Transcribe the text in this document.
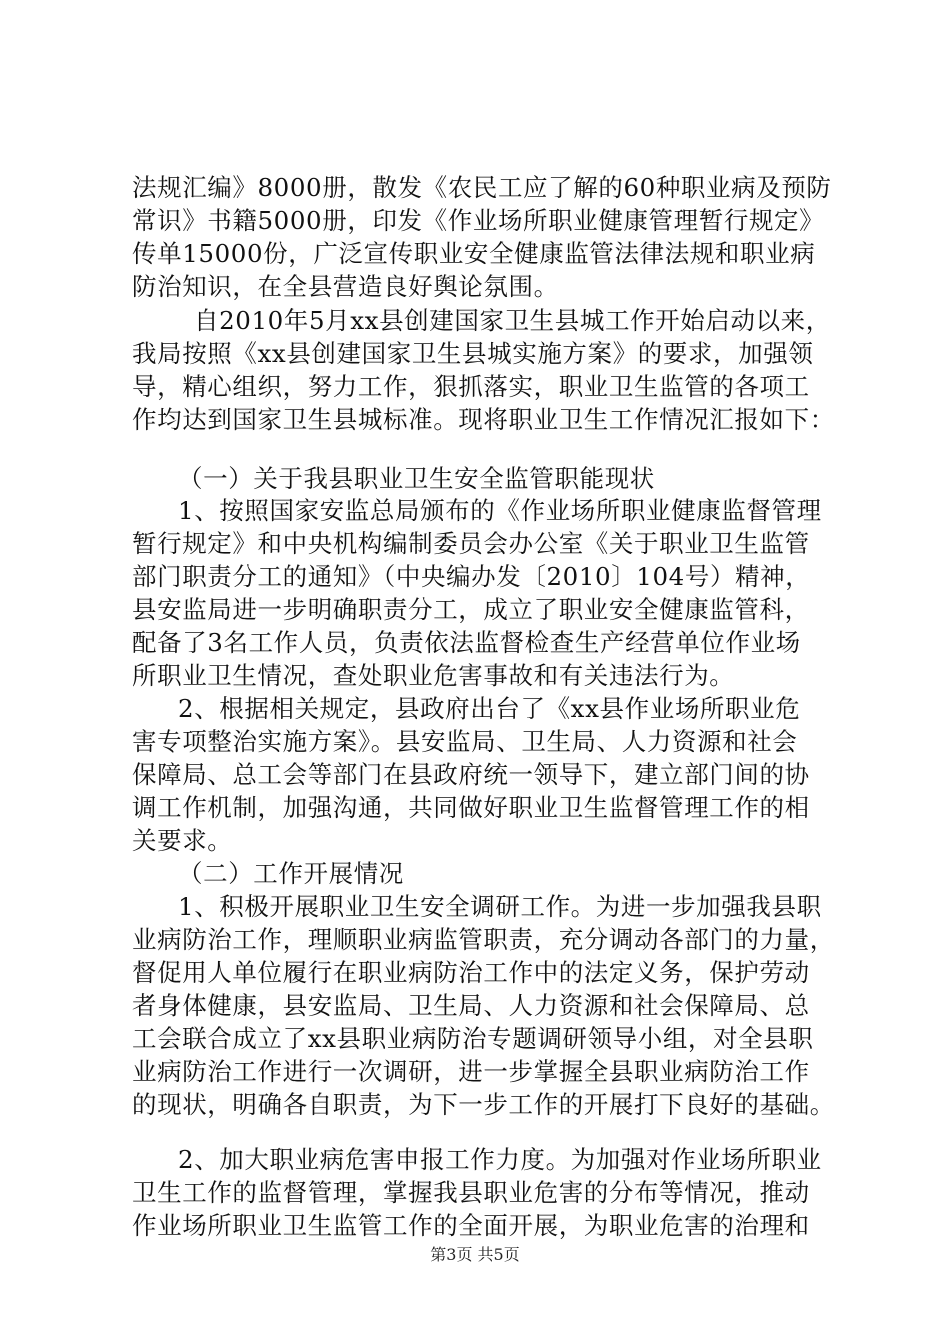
法规汇编》8000册，散发《农民工应了解的60种职业病及预防
常识》书籍5000册，印发《作业场所职业健康管理暂行规定》
传单15000份，广泛宣传职业安全健康监管法律法规和职业病
防治知识，在全县营造良好舆论氛围。
自2010年5月xx县创建国家卫生县城工作开始启动以来，
我局按照《xx县创建国家卫生县城实施方案》的要求，加强领
导，精心组织，努力工作，狠抓落实，职业卫生监管的各项工
作均达到国家卫生县城标准。现将职业卫生工作情况汇报如下：
（一）关于我县职业卫生安全监管职能现状
1、按照国家安监总局颁布的《作业场所职业健康监督管理
暂行规定》和中央机构编制委员会办公室《关于职业卫生监管
部门职责分工的通知》（中央编办发〔2010〕104号）精神，
县安监局进一步明确职责分工，成立了职业安全健康监管科，
配备了3名工作人员，负责依法监督检查生产经营单位作业场
所职业卫生情况，查处职业危害事故和有关违法行为。
2、根据相关规定，县政府出台了《xx县作业场所职业危
害专项整治实施方案》。县安监局、卫生局、人力资源和社会
保障局、总工会等部门在县政府统一领导下，建立部门间的协
调工作机制，加强沟通，共同做好职业卫生监督管理工作的相
关要求。
（二）工作开展情况
1、积极开展职业卫生安全调研工作。为进一步加强我县职
业病防治工作，理顺职业病监管职责，充分调动各部门的力量，
督促用人单位履行在职业病防治工作中的法定义务，保护劳动
者身体健康，县安监局、卫生局、人力资源和社会保障局、总
工会联合成立了xx县职业病防治专题调研领导小组，对全县职
业病防治工作进行一次调研，进一步掌握全县职业病防治工作
的现状，明确各自职责，为下一步工作的开展打下良好的基础。
2、加大职业病危害申报工作力度。为加强对作业场所职业
卫生工作的监督管理，掌握我县职业危害的分布等情况，推动
作业场所职业卫生监管工作的全面开展，为职业危害的治理和
第3页 共5页
